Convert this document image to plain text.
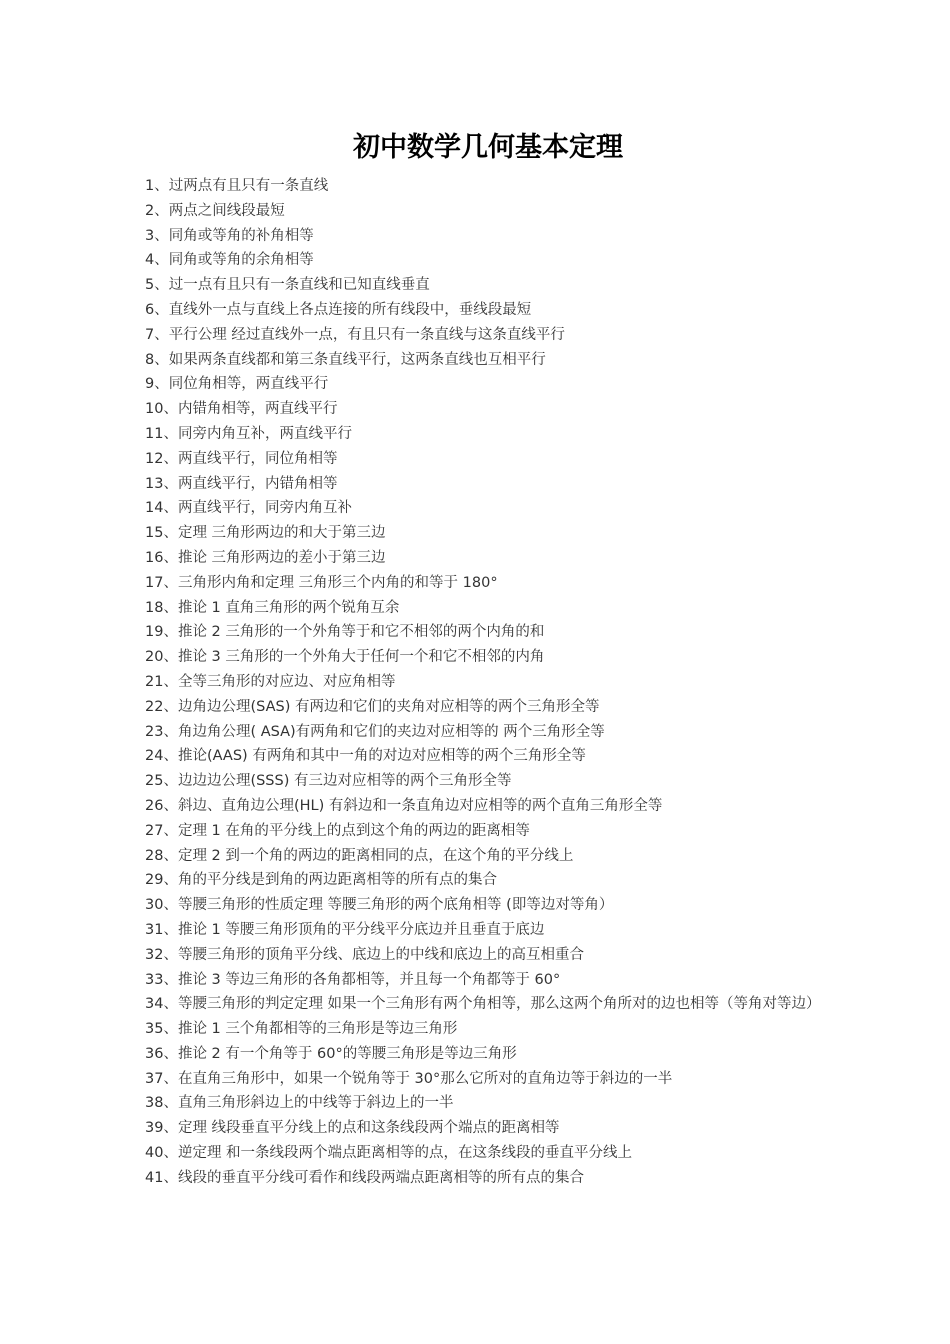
初中数学几何基本定理
1、过两点有且只有一条直线
2、两点之间线段最短
3、同角或等角的补角相等
4、同角或等角的余角相等
5、过一点有且只有一条直线和已知直线垂直
6、直线外一点与直线上各点连接的所有线段中，垂线段最短
7、平行公理 经过直线外一点，有且只有一条直线与这条直线平行
8、如果两条直线都和第三条直线平行，这两条直线也互相平行
9、同位角相等，两直线平行
10、内错角相等，两直线平行
11、同旁内角互补，两直线平行
12、两直线平行，同位角相等
13、两直线平行，内错角相等
14、两直线平行，同旁内角互补
15、定理 三角形两边的和大于第三边
16、推论 三角形两边的差小于第三边
17、三角形内角和定理 三角形三个内角的和等于 180°
18、推论 1 直角三角形的两个锐角互余
19、推论 2 三角形的一个外角等于和它不相邻的两个内角的和
20、推论 3 三角形的一个外角大于任何一个和它不相邻的内角
21、全等三角形的对应边、对应角相等
22、边角边公理(SAS) 有两边和它们的夹角对应相等的两个三角形全等
23、角边角公理( ASA)有两角和它们的夹边对应相等的 两个三角形全等
24、推论(AAS) 有两角和其中一角的对边对应相等的两个三角形全等
25、边边边公理(SSS) 有三边对应相等的两个三角形全等
26、斜边、直角边公理(HL) 有斜边和一条直角边对应相等的两个直角三角形全等
27、定理 1 在角的平分线上的点到这个角的两边的距离相等
28、定理 2 到一个角的两边的距离相同的点，在这个角的平分线上
29、角的平分线是到角的两边距离相等的所有点的集合
30、等腰三角形的性质定理 等腰三角形的两个底角相等 (即等边对等角）
31、推论 1 等腰三角形顶角的平分线平分底边并且垂直于底边
32、等腰三角形的顶角平分线、底边上的中线和底边上的高互相重合
33、推论 3 等边三角形的各角都相等，并且每一个角都等于 60°
34、等腰三角形的判定定理 如果一个三角形有两个角相等，那么这两个角所对的边也相等（等角对等边）
35、推论 1 三个角都相等的三角形是等边三角形
36、推论 2 有一个角等于 60°的等腰三角形是等边三角形
37、在直角三角形中，如果一个锐角等于 30°那么它所对的直角边等于斜边的一半
38、直角三角形斜边上的中线等于斜边上的一半
39、定理 线段垂直平分线上的点和这条线段两个端点的距离相等
40、逆定理 和一条线段两个端点距离相等的点，在这条线段的垂直平分线上
41、线段的垂直平分线可看作和线段两端点距离相等的所有点的集合
